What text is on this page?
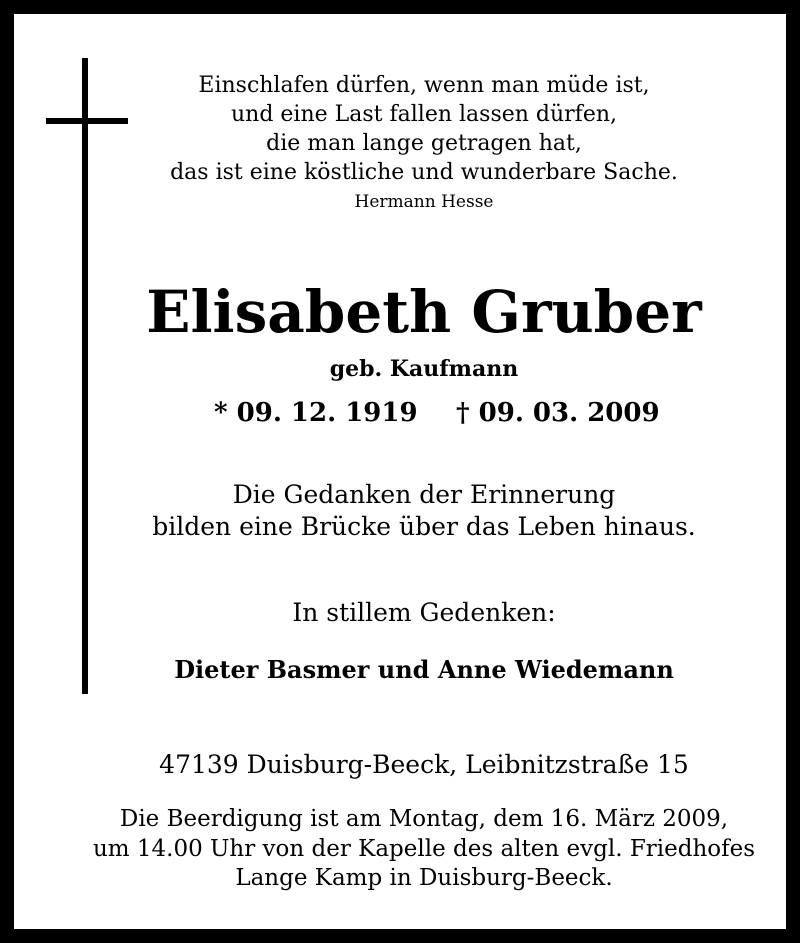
Einschlafen dürfen, wenn man müde ist,
und eine Last fallen lassen dürfen,
die man lange getragen hat,
das ist eine köstliche und wunderbare Sache.
Hermann Hesse
Elisabeth Gruber
geb. Kaufmann
* 09. 12. 1919 † 09. 03. 2009
Die Gedanken der Erinnerung
bilden eine Brücke über das Leben hinaus.
In stillem Gedenken:
Dieter Basmer und Anne Wiedemann
47139 Duisburg-Beeck, Leibnitzstraße 15
Die Beerdigung ist am Montag, dem 16. März 2009,
um 14.00 Uhr von der Kapelle des alten evgl. Friedhofes
Lange Kamp in Duisburg-Beeck.
